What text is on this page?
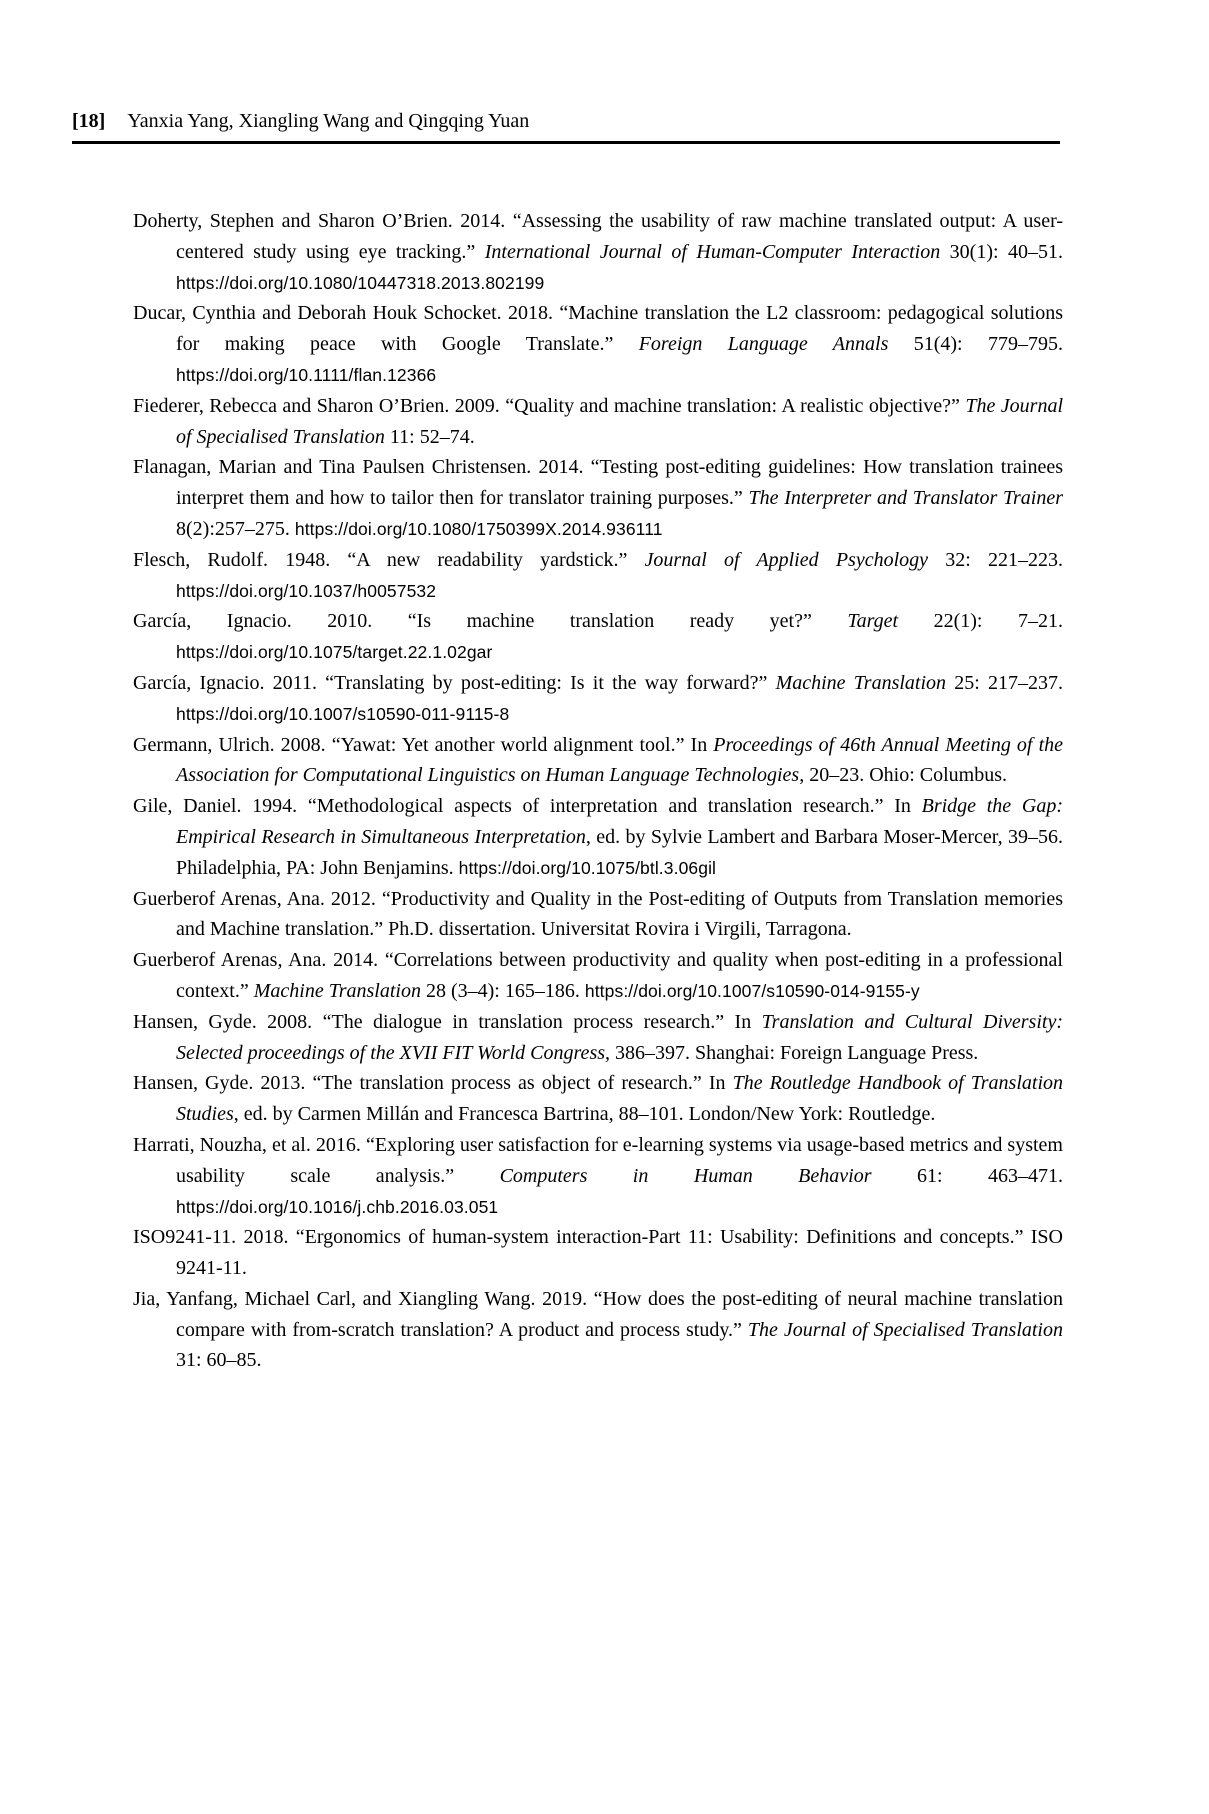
[18] Yanxia Yang, Xiangling Wang and Qingqing Yuan

Doherty, Stephen and Sharon O’Brien. 2014. “Assessing the usability of raw machine translated output: A user-centered study using eye tracking.” International Journal of Human-Computer Interaction 30(1): 40–51. https://doi.org/10.1080/10447318.2013.802199

Ducar, Cynthia and Deborah Houk Schocket. 2018. “Machine translation the L2 classroom: pedagogical solutions for making peace with Google Translate.” Foreign Language Annals 51(4): 779–795. https://doi.org/10.1111/flan.12366

Fiederer, Rebecca and Sharon O’Brien. 2009. “Quality and machine translation: A realistic objective?” The Journal of Specialised Translation 11: 52–74.

Flanagan, Marian and Tina Paulsen Christensen. 2014. “Testing post-editing guidelines: How translation trainees interpret them and how to tailor then for translator training purposes.” The Interpreter and Translator Trainer 8(2):257–275. https://doi.org/10.1080/1750399X.2014.936111

Flesch, Rudolf. 1948. “A new readability yardstick.” Journal of Applied Psychology 32: 221–223. https://doi.org/10.1037/h0057532

García, Ignacio. 2010. “Is machine translation ready yet?” Target 22(1): 7–21. https://doi.org/10.1075/target.22.1.02gar

García, Ignacio. 2011. “Translating by post-editing: Is it the way forward?” Machine Translation 25: 217–237. https://doi.org/10.1007/s10590-011-9115-8

Germann, Ulrich. 2008. “Yawat: Yet another world alignment tool.” In Proceedings of 46th Annual Meeting of the Association for Computational Linguistics on Human Language Technologies, 20–23. Ohio: Columbus.

Gile, Daniel. 1994. “Methodological aspects of interpretation and translation research.” In Bridge the Gap: Empirical Research in Simultaneous Interpretation, ed. by Sylvie Lambert and Barbara Moser-Mercer, 39–56. Philadelphia, PA: John Benjamins. https://doi.org/10.1075/btl.3.06gil

Guerberof Arenas, Ana. 2012. “Productivity and Quality in the Post-editing of Outputs from Translation memories and Machine translation.” Ph.D. dissertation. Universitat Rovira i Virgili, Tarragona.

Guerberof Arenas, Ana. 2014. “Correlations between productivity and quality when post-editing in a professional context.” Machine Translation 28 (3–4): 165–186. https://doi.org/10.1007/s10590-014-9155-y

Hansen, Gyde. 2008. “The dialogue in translation process research.” In Translation and Cultural Diversity: Selected proceedings of the XVII FIT World Congress, 386–397. Shanghai: Foreign Language Press.

Hansen, Gyde. 2013. “The translation process as object of research.” In The Routledge Handbook of Translation Studies, ed. by Carmen Millán and Francesca Bartrina, 88–101. London/New York: Routledge.

Harrati, Nouzha, et al. 2016. “Exploring user satisfaction for e-learning systems via usage-based metrics and system usability scale analysis.” Computers in Human Behavior 61: 463–471. https://doi.org/10.1016/j.chb.2016.03.051

ISO9241-11. 2018. “Ergonomics of human-system interaction-Part 11: Usability: Definitions and concepts.” ISO 9241-11.

Jia, Yanfang, Michael Carl, and Xiangling Wang. 2019. “How does the post-editing of neural machine translation compare with from-scratch translation? A product and process study.” The Journal of Specialised Translation 31: 60–85.
